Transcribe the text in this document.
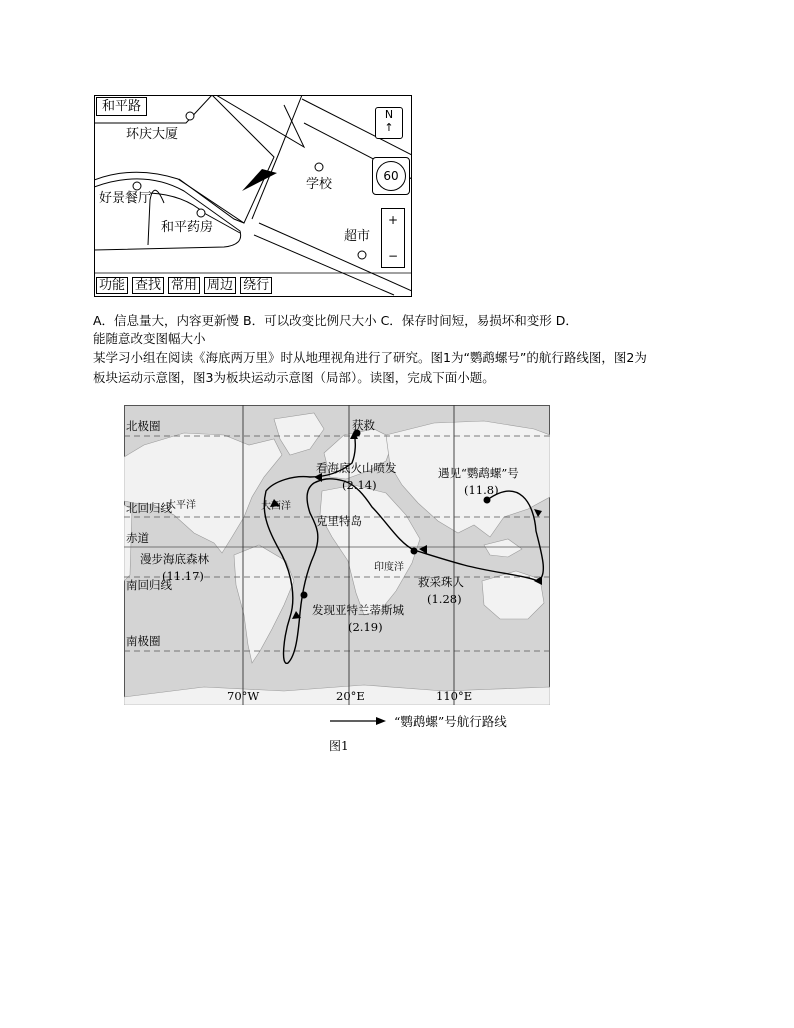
和平路
环庆大厦
好景餐厅
和平药房
学校
超市
N
↑
60
+
−
功能 查找 常用 周边 绕行
A．信息量大，内容更新慢 B．可以改变比例尺大小 C．保存时间短，易损坏和变形 D．
能随意改变图幅大小
某学习小组在阅读《海底两万里》时从地理视角进行了研究。图1为“鹦鹉螺号”的航行路线图，图2为
板块运动示意图，图3为板块运动示意图（局部）。读图，完成下面小题。
北极圈
北回归线
赤道
南回归线
南极圈
太平洋	大西洋
印度洋
获救
看海底火山喷发
(2.14)
克里特岛
遇见“鹦鹉螺”号
(11.8)
漫步海底森林
(11.17)	救采珠人
(1.28)
发现亚特兰蒂斯城
(2.19)
70°W	20°E	110°E
“鹦鹉螺”号航行路线
图1
